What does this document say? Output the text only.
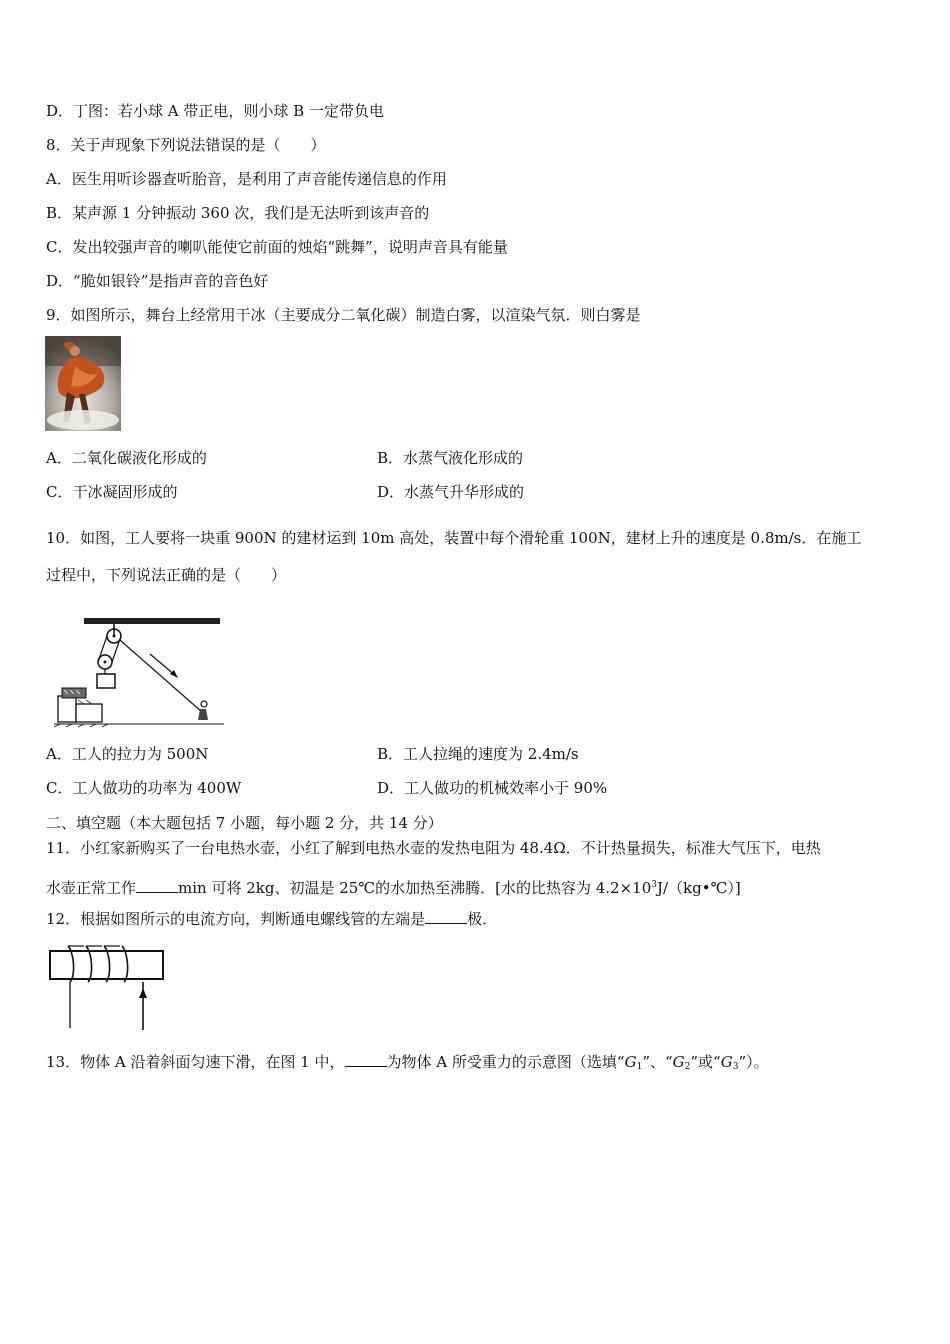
D．丁图：若小球 A 带正电，则小球 B 一定带负电
8．关于声现象下列说法错误的是（　　）
A．医生用听诊器查听胎音，是利用了声音能传递信息的作用
B．某声源 1 分钟振动 360 次，我们是无法听到该声音的
C．发出较强声音的喇叭能使它前面的烛焰“跳舞”，说明声音具有能量
D．“脆如银铃”是指声音的音色好
9．如图所示，舞台上经常用干冰（主要成分二氧化碳）制造白雾，以渲染气氛．则白雾是
A．二氧化碳液化形成的	B．水蒸气液化形成的
C．干冰凝固形成的	D．水蒸气升华形成的
10．如图，工人要将一块重 900N 的建材运到 10m 高处，装置中每个滑轮重 100N，建材上升的速度是 0.8m/s．在施工
过程中，下列说法正确的是（　　）
A．工人的拉力为 500N	B．工人拉绳的速度为 2.4m/s
C．工人做功的功率为 400W	D．工人做功的机械效率小于 90%
二、填空题（本大题包括 7 小题，每小题 2 分，共 14 分）
11．小红家新购买了一台电热水壶，小红了解到电热水壶的发热电阻为 48.4Ω．不计热量损失，标准大气压下，电热
水壶正常工作	min 可将 2kg、初温是 25℃的水加热至沸腾．[水的比热容为 $4.2\times 10^3J/(kg•℃)$]
12．根据如图所示的电流方向，判断通电螺线管的左端是	极．
13．物体 A 沿着斜面匀速下滑，在图 1 中，	为物体 A 所受重力的示意图（选填“$G_1$”、“$G_2$”或“$G_3$”）。
